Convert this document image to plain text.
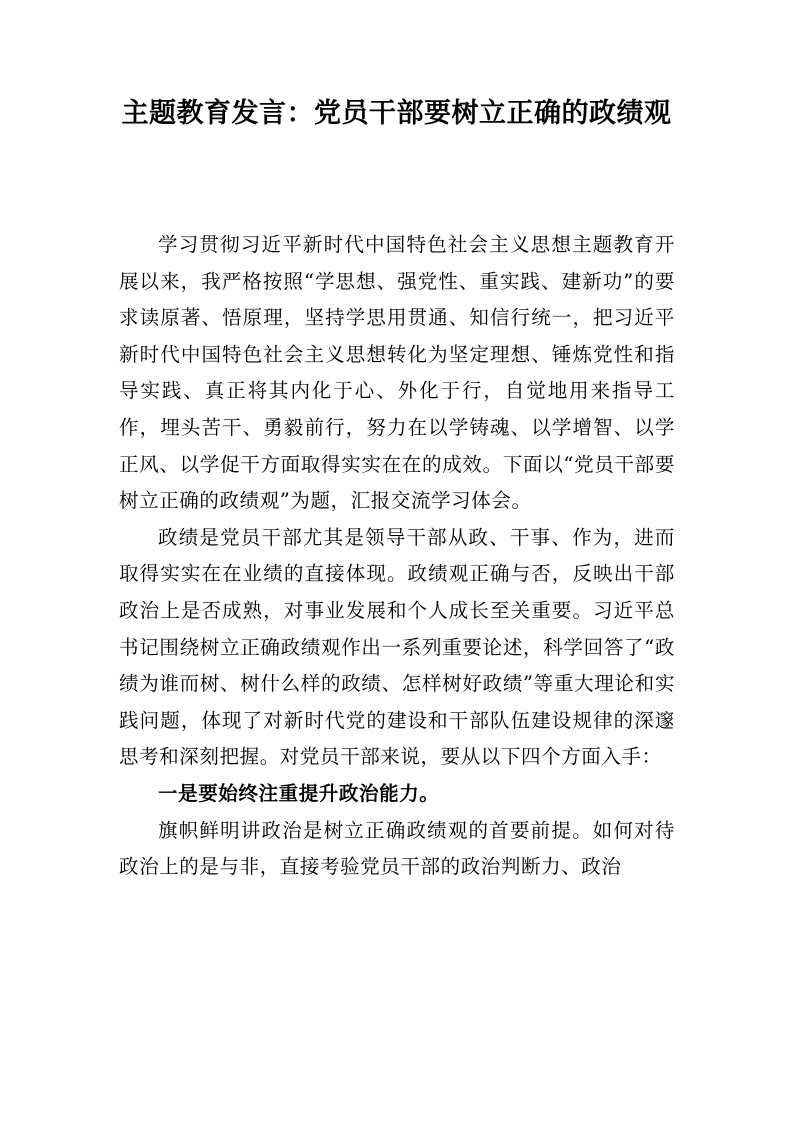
主题教育发言：党员干部要树立正确的政绩观

学习贯彻习近平新时代中国特色社会主义思想主题教育开展以来，我严格按照“学思想、强党性、重实践、建新功”的要求读原著、悟原理，坚持学思用贯通、知信行统一，把习近平新时代中国特色社会主义思想转化为坚定理想、锤炼党性和指导实践、真正将其内化于心、外化于行，自觉地用来指导工作，埋头苦干、勇毅前行，努力在以学铸魂、以学增智、以学正风、以学促干方面取得实实在在的成效。下面以“党员干部要树立正确的政绩观”为题，汇报交流学习体会。

政绩是党员干部尤其是领导干部从政、干事、作为，进而取得实实在在业绩的直接体现。政绩观正确与否，反映出干部政治上是否成熟，对事业发展和个人成长至关重要。习近平总书记围绕树立正确政绩观作出一系列重要论述，科学回答了“政绩为谁而树、树什么样的政绩、怎样树好政绩”等重大理论和实践问题，体现了对新时代党的建设和干部队伍建设规律的深邃思考和深刻把握。对党员干部来说，要从以下四个方面入手：

一是要始终注重提升政治能力。

旗帜鲜明讲政治是树立正确政绩观的首要前提。如何对待政治上的是与非，直接考验党员干部的政治判断力、政治
